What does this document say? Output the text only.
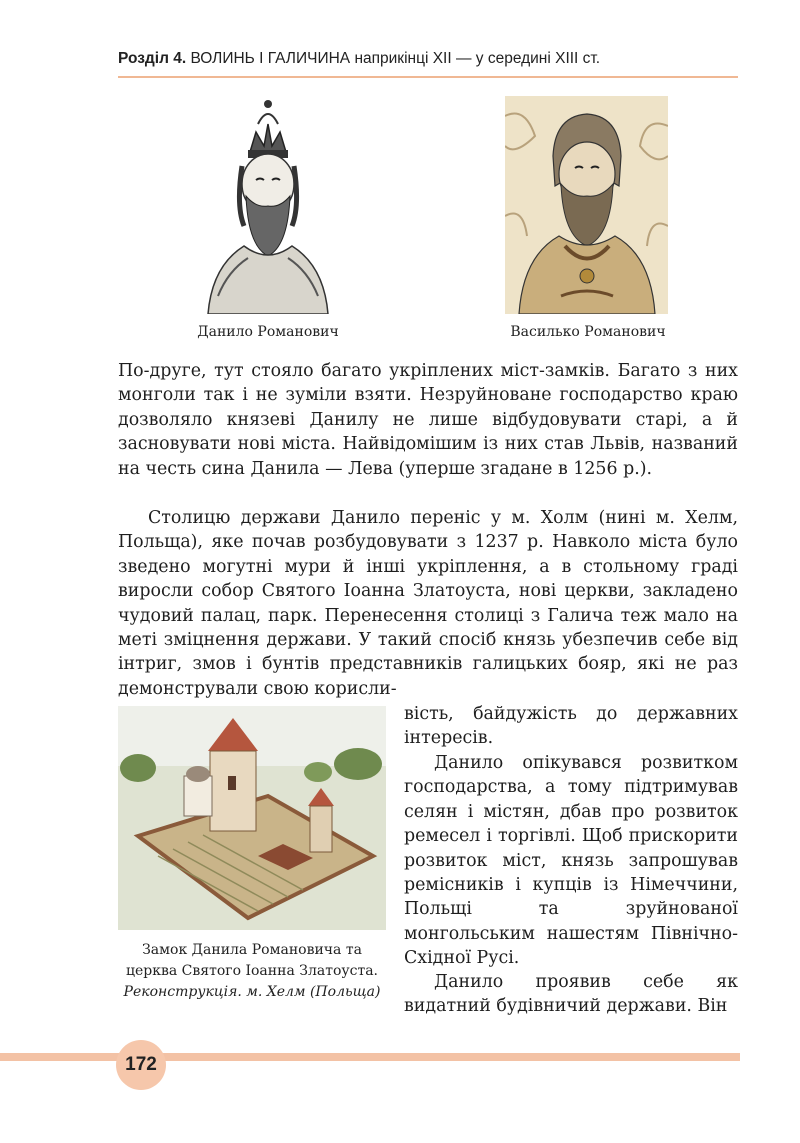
Розділ 4. ВОЛИНЬ І ГАЛИЧИНА наприкінці XII — у середині XIII ст.
Данило Романович	Василько Романович

По-друге, тут стояло багато укріплених міст-замків. Багато з них монголи так і не зуміли взяти. Незруйноване господарство краю дозволяло князеві Данилу не лише відбудовувати старі, а й засновувати нові міста. Найвідомішим із них став Львів, названий на честь сина Данила — Лева (уперше згадане в 1256 р.).

Столицю держави Данило переніс у м. Холм (нині м. Хелм, Польща), яке почав розбудовувати з 1237 р. Навколо міста було зведено могутні мури й інші укріплення, а в стольному граді виросли собор Святого Іоанна Златоуста, нові церкви, закладено чудовий палац, парк. Перенесення столиці з Галича теж мало на меті зміцнення держави. У такий спосіб князь убезпечив себе від інтриг, змов і бунтів представників галицьких бояр, які не раз демонстрували свою корисли-

Замок Данила Романовича та церква Святого Іоанна Златоуста. Реконструкція. м. Хелм (Польща)

вість, байдужість до державних інтересів.

Данило опікувався розвитком господарства, а тому підтримував селян і містян, дбав про розвиток ремесел і торгівлі. Щоб прискорити розвиток міст, князь запрошував ремісників і купців із Німеччини, Польщі та зруйнованої монгольським нашестям Північно-Східної Русі.

Данило проявив себе як видатний будівничий держави. Він

172
